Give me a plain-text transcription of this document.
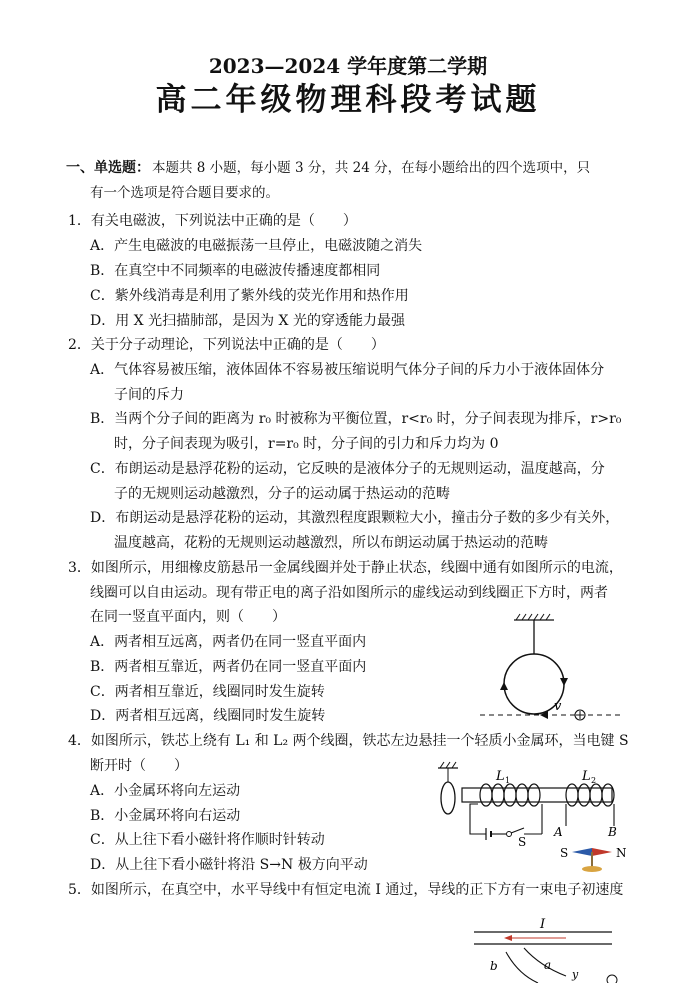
2023—2024 学年度第二学期
高二年级物理科段考试题
一、单选题： 本题共 8 小题，每小题 3 分，共 24 分，在每小题给出的四个选项中，只
有一个选项是符合题目要求的。
1．有关电磁波，下列说法中正确的是（　　）
A．产生电磁波的电磁振荡一旦停止，电磁波随之消失
B．在真空中不同频率的电磁波传播速度都相同
C．紫外线消毒是利用了紫外线的荧光作用和热作用
D．用 X 光扫描肺部，是因为 X 光的穿透能力最强
2．关于分子动理论，下列说法中正确的是（　　）
A．气体容易被压缩，液体固体不容易被压缩说明气体分子间的斥力小于液体固体分
子间的斥力
B．当两个分子间的距离为 r₀ 时被称为平衡位置，r<r₀ 时，分子间表现为排斥，r>r₀
时，分子间表现为吸引，r=r₀ 时，分子间的引力和斥力均为 0
C．布朗运动是悬浮花粉的运动，它反映的是液体分子的无规则运动，温度越高，分
子的无规则运动越激烈，分子的运动属于热运动的范畴
D．布朗运动是悬浮花粉的运动，其激烈程度跟颗粒大小，撞击分子数的多少有关外，
温度越高，花粉的无规则运动越激烈，所以布朗运动属于热运动的范畴
3．如图所示，用细橡皮筋悬吊一金属线圈并处于静止状态，线圈中通有如图所示的电流，
线圈可以自由运动。现有带正电的离子沿如图所示的虚线运动到线圈正下方时，两者
在同一竖直平面内，则（　　）
A．两者相互远离，两者仍在同一竖直平面内
B．两者相互靠近，两者仍在同一竖直平面内
C．两者相互靠近，线圈同时发生旋转
D．两者相互远离，线圈同时发生旋转
v
4．如图所示，铁芯上绕有 L₁ 和 L₂ 两个线圈，铁芯左边悬挂一个轻质小金属环，当电键 S
断开时（　　）
A．小金属环将向左运动
B．小金属环将向右运动
C．从上往下看小磁针将作顺时针转动
D．从上往下看小磁针将沿 S→N 极方向平动
L 1	L 2
S
A	B
S	N
5．如图所示，在真空中，水平导线中有恒定电流 I 通过，导线的正下方有一束电子初速度
I
b	a
y
